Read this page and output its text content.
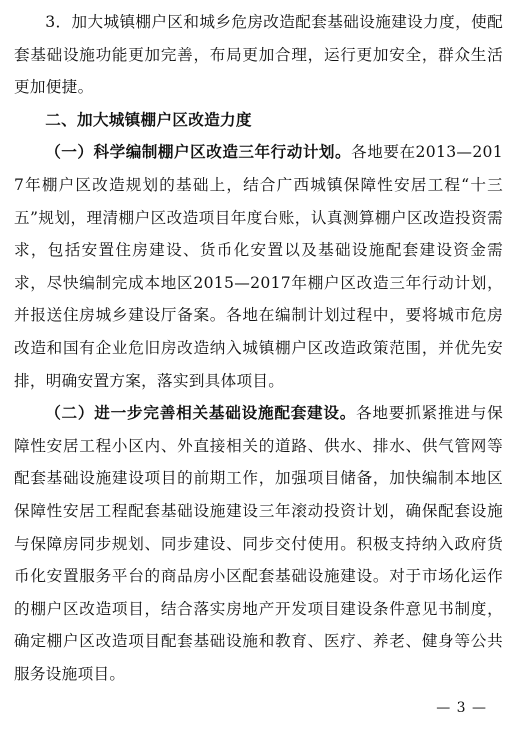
3．加大城镇棚户区和城乡危房改造配套基础设施建设力度，使配套基础设施功能更加完善，布局更加合理，运行更加安全，群众生活更加便捷。

二、加大城镇棚户区改造力度

（一）科学编制棚户区改造三年行动计划。各地要在2013—2017年棚户区改造规划的基础上，结合广西城镇保障性安居工程“十三五”规划，理清棚户区改造项目年度台账，认真测算棚户区改造投资需求，包括安置住房建设、货币化安置以及基础设施配套建设资金需求，尽快编制完成本地区2015—2017年棚户区改造三年行动计划，并报送住房城乡建设厅备案。各地在编制计划过程中，要将城市危房改造和国有企业危旧房改造纳入城镇棚户区改造政策范围，并优先安排，明确安置方案，落实到具体项目。

（二）进一步完善相关基础设施配套建设。各地要抓紧推进与保障性安居工程小区内、外直接相关的道路、供水、排水、供气管网等配套基础设施建设项目的前期工作，加强项目储备，加快编制本地区保障性安居工程配套基础设施建设三年滚动投资计划，确保配套设施与保障房同步规划、同步建设、同步交付使用。积极支持纳入政府货币化安置服务平台的商品房小区配套基础设施建设。对于市场化运作的棚户区改造项目，结合落实房地产开发项目建设条件意见书制度，确定棚户区改造项目配套基础设施和教育、医疗、养老、健身等公共服务设施项目。

— 3 —
